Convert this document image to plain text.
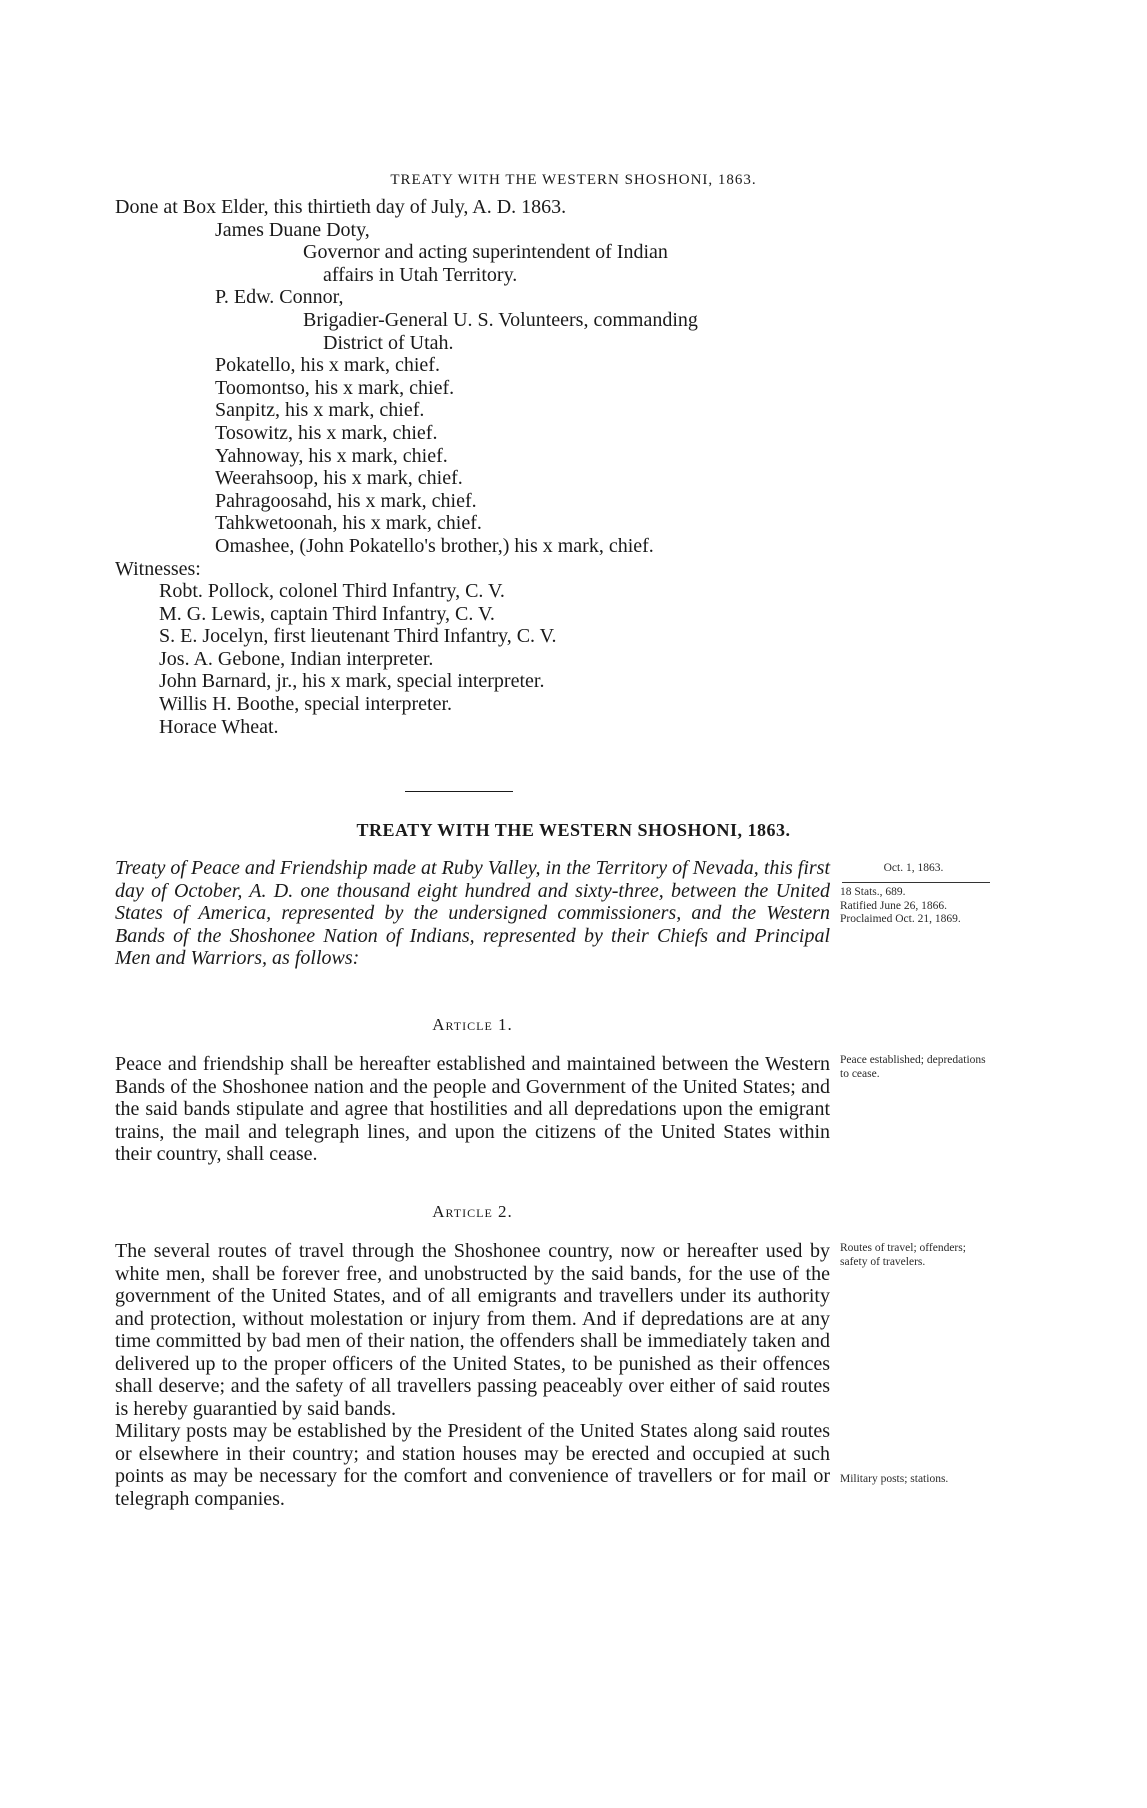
TREATY WITH THE WESTERN SHOSHONI, 1863.
Done at Box Elder, this thirtieth day of July, A. D. 1863.
James Duane Doty,
Governor and acting superintendent of Indian
affairs in Utah Territory.
P. Edw. Connor,
Brigadier-General U. S. Volunteers, commanding
District of Utah.
Pokatello, his x mark, chief.
Toomontso, his x mark, chief.
Sanpitz, his x mark, chief.
Tosowitz, his x mark, chief.
Yahnoway, his x mark, chief.
Weerahsoop, his x mark, chief.
Pahragoosahd, his x mark, chief.
Tahkwetoonah, his x mark, chief.
Omashee, (John Pokatello's brother,) his x mark, chief.
Witnesses:
Robt. Pollock, colonel Third Infantry, C. V.
M. G. Lewis, captain Third Infantry, C. V.
S. E. Jocelyn, first lieutenant Third Infantry, C. V.
Jos. A. Gebone, Indian interpreter.
John Barnard, jr., his x mark, special interpreter.
Willis H. Boothe, special interpreter.
Horace Wheat.
TREATY WITH THE WESTERN SHOSHONI, 1863.
Treaty of Peace and Friendship made at Ruby Valley, in the Territory of Nevada, this first day of October, A. D. one thousand eight hundred and sixty-three, between the United States of America, represented by the undersigned commissioners, and the Western Bands of the Shoshonee Nation of Indians, represented by their Chiefs and Principal Men and Warriors, as follows:
Article 1.

Peace and friendship shall be hereafter established and maintained between the Western Bands of the Shoshonee nation and the people and Government of the United States; and the said bands stipulate and agree that hostilities and all depredations upon the emigrant trains, the mail and telegraph lines, and upon the citizens of the United States within their country, shall cease.

Article 2.

The several routes of travel through the Shoshonee country, now or hereafter used by white men, shall be forever free, and unobstructed by the said bands, for the use of the government of the United States, and of all emigrants and travellers under its authority and protection, without molestation or injury from them. And if depredations are at any time committed by bad men of their nation, the offenders shall be immediately taken and delivered up to the proper officers of the United States, to be punished as their offences shall deserve; and the safety of all travellers passing peaceably over either of said routes is hereby guarantied by said bands.

Military posts may be established by the President of the United States along said routes or elsewhere in their country; and station houses may be erected and occupied at such points as may be necessary for the comfort and convenience of travellers or for mail or telegraph companies.

Oct. 1, 1863.
18 Stats., 689.
Ratified June 26, 1866.
Proclaimed Oct. 21, 1869.
Peace established; depredations to cease.
Routes of travel; offenders; safety of travelers.
Military posts; stations.
